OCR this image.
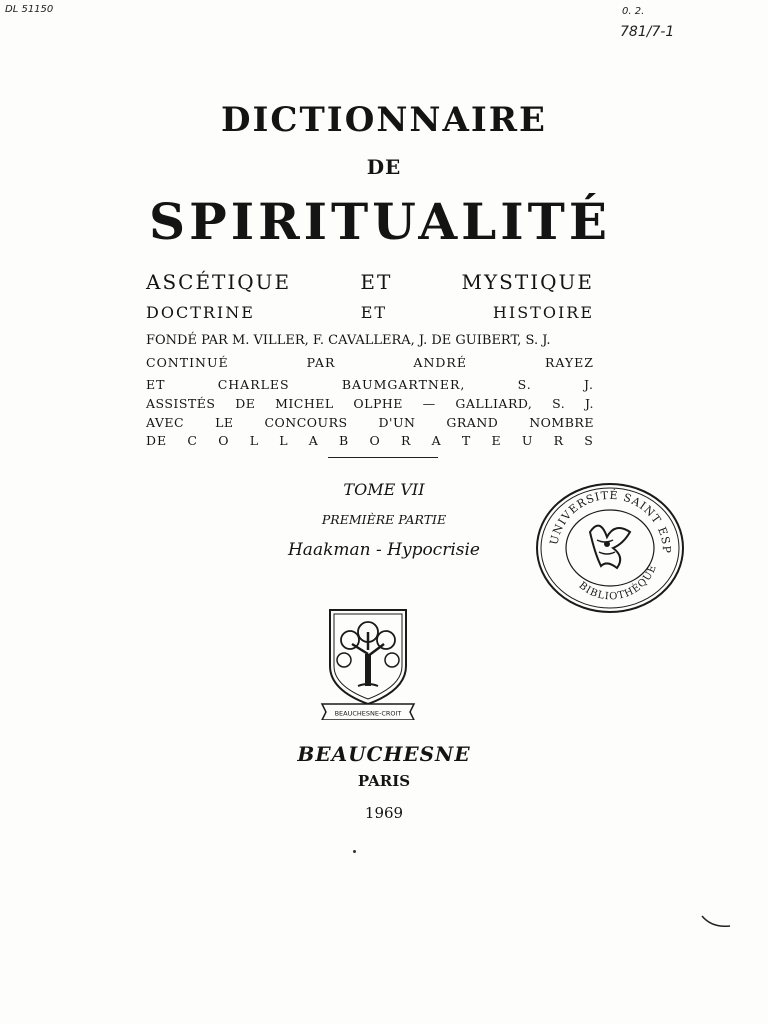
DL 51150	0. 2.
781/7-1
DICTIONNAIRE
DE
SPIRITUALITÉ
ASCÉTIQUE	ET	MYSTIQUE
DOCTRINE	ET	HISTOIRE
FONDÉ PAR M. VILLER, F. CAVALLERA, J. DE GUIBERT, S. J.
CONTINUÉ	PAR	ANDRÉ	RAYEZ
ET	CHARLES	BAUMGARTNER,	S.	J.
ASSISTÉS DE MICHEL OLPHE — GALLIARD, S. J.
AVEC LE CONCOURS D'UN GRAND NOMBRE
DE C O L L A B O R A T E U R S
TOME VII
PREMIÈRE PARTIE
Haakman - Hypocrisie
UNIVERSITÉ SAINT ESP
BIBLIOTHÈQUE
BEAUCHESNE-CROIT
BEAUCHESNE
PARIS
1969
